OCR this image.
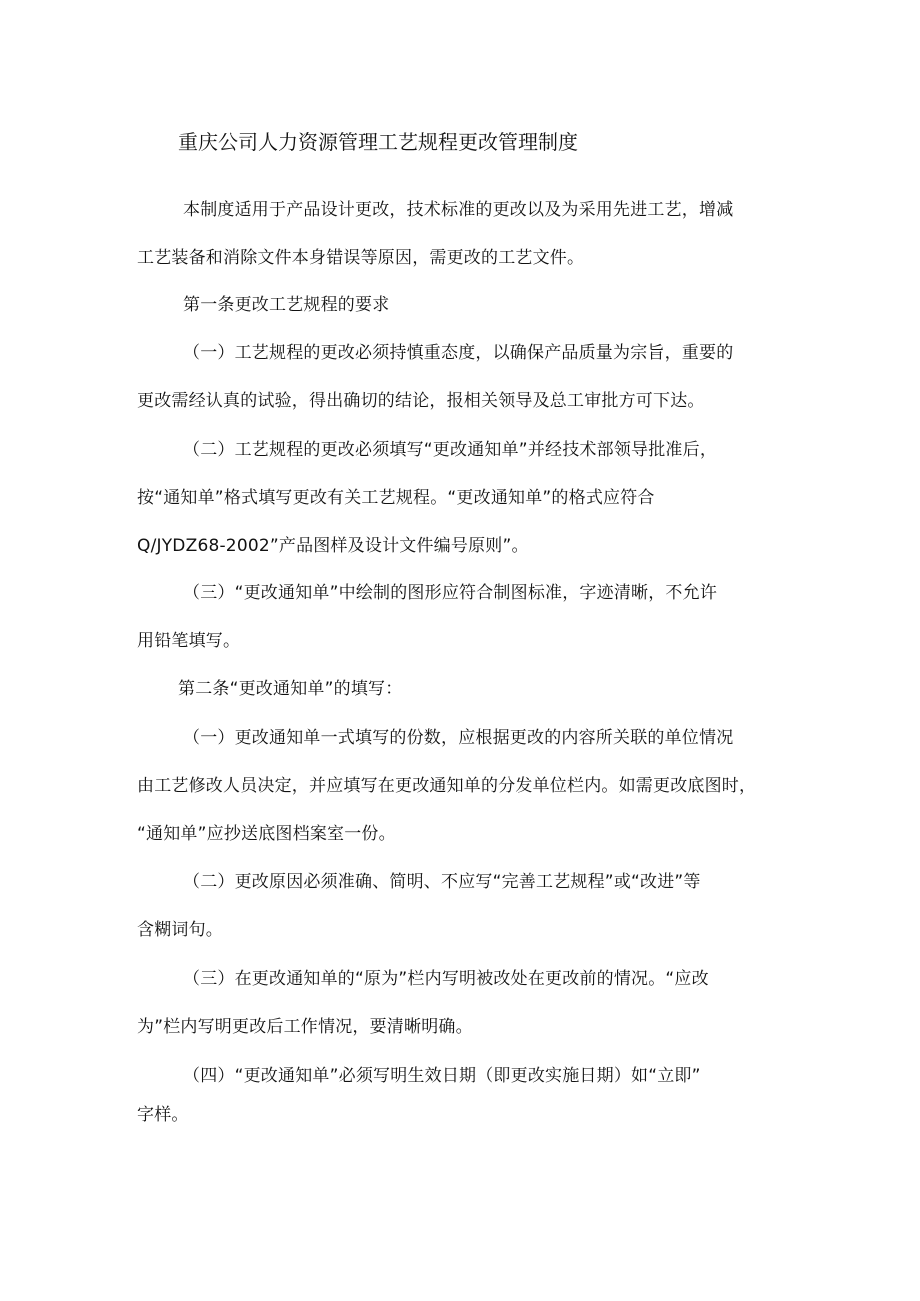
重庆公司人力资源管理工艺规程更改管理制度
本制度适用于产品设计更改，技术标准的更改以及为采用先进工艺，增减
工艺装备和消除文件本身错误等原因，需更改的工艺文件。
第一条更改工艺规程的要求
（一）工艺规程的更改必须持慎重态度，以确保产品质量为宗旨，重要的
更改需经认真的试验，得出确切的结论，报相关领导及总工审批方可下达。
（二）工艺规程的更改必须填写“更改通知单”并经技术部领导批准后，
按“通知单”格式填写更改有关工艺规程。“更改通知单”的格式应符合
Q/JYDZ68-2002”产品图样及设计文件编号原则”。
（三）“更改通知单”中绘制的图形应符合制图标准，字迹清晰，不允许
用铅笔填写。
第二条“更改通知单”的填写：
（一）更改通知单一式填写的份数，应根据更改的内容所关联的单位情况
由工艺修改人员决定，并应填写在更改通知单的分发单位栏内。如需更改底图时，
“通知单”应抄送底图档案室一份。
（二）更改原因必须准确、简明、不应写“完善工艺规程”或“改进”等
含糊词句。
（三）在更改通知单的“原为”栏内写明被改处在更改前的情况。“应改
为”栏内写明更改后工作情况，要清晰明确。
（四）“更改通知单”必须写明生效日期（即更改实施日期）如“立即”
字样。
